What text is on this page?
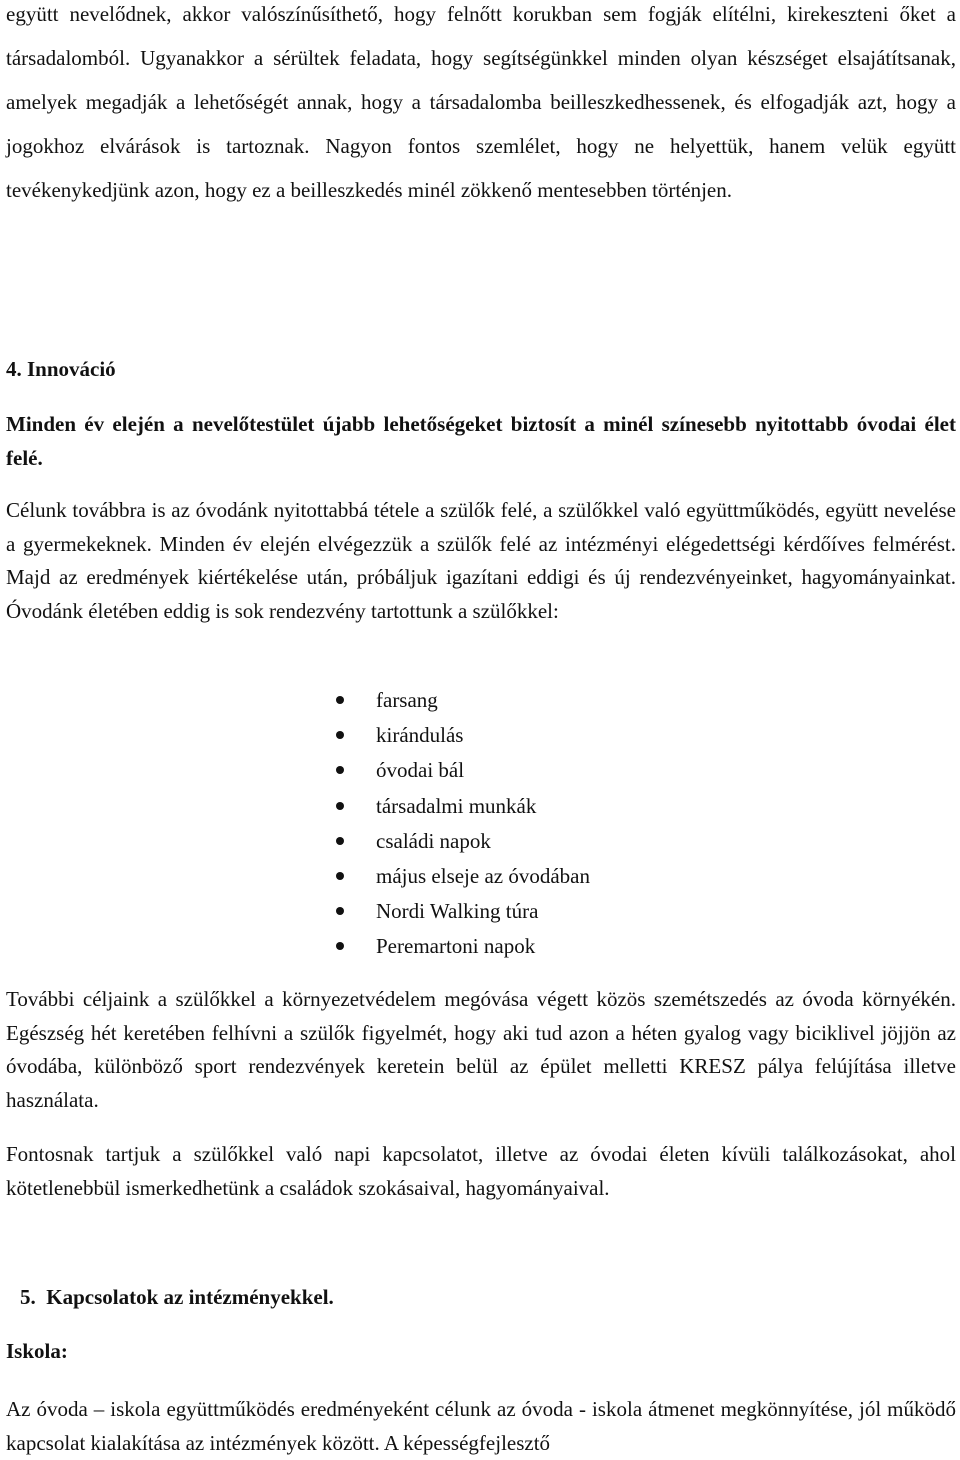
együtt nevelődnek, akkor valószínűsíthető, hogy felnőtt korukban sem fogják elítélni, kirekeszteni őket a társadalomból. Ugyanakkor a sérültek feladata, hogy segítségünkkel minden olyan készséget elsajátítsanak, amelyek megadják a lehetőségét annak, hogy a társadalomba beilleszkedhessenek, és elfogadják azt, hogy a jogokhoz elvárások is tartoznak. Nagyon fontos szemlélet, hogy ne helyettük, hanem velük együtt tevékenykedjünk azon, hogy ez a beilleszkedés minél zökkenő mentesebben történjen.

4. Innováció

Minden év elején a nevelőtestület újabb lehetőségeket biztosít a minél színesebb nyitottabb óvodai élet felé.

Célunk továbbra is az óvodánk nyitottabbá tétele a szülők felé, a szülőkkel való együttműködés, együtt nevelése a gyermekeknek. Minden év elején elvégezzük a szülők felé az intézményi elégedettségi kérdőíves felmérést. Majd az eredmények kiértékelése után, próbáljuk igazítani eddigi és új rendezvényeinket, hagyományainkat. Óvodánk életében eddig is sok rendezvény tartottunk a szülőkkel:

farsang
kirándulás
óvodai bál
társadalmi munkák
családi napok
május elseje az óvodában
Nordi Walking túra
Peremartoni napok

További céljaink a szülőkkel a környezetvédelem megóvása végett közös szemétszedés az óvoda környékén. Egészség hét keretében felhívni a szülők figyelmét, hogy aki tud azon a héten gyalog vagy biciklivel jöjjön az óvodába, különböző sport rendezvények keretein belül az épület melletti KRESZ pálya felújítása illetve használata.

Fontosnak tartjuk a szülőkkel való napi kapcsolatot, illetve az óvodai életen kívüli találkozásokat, ahol kötetlenebbül ismerkedhetünk a családok szokásaival, hagyományaival.

5.  Kapcsolatok az intézményekkel.

Iskola:

Az óvoda – iskola együttműködés eredményeként célunk az óvoda - iskola átmenet megkönnyítése, jól működő kapcsolat kialakítása az intézmények között. A képességfejlesztő
